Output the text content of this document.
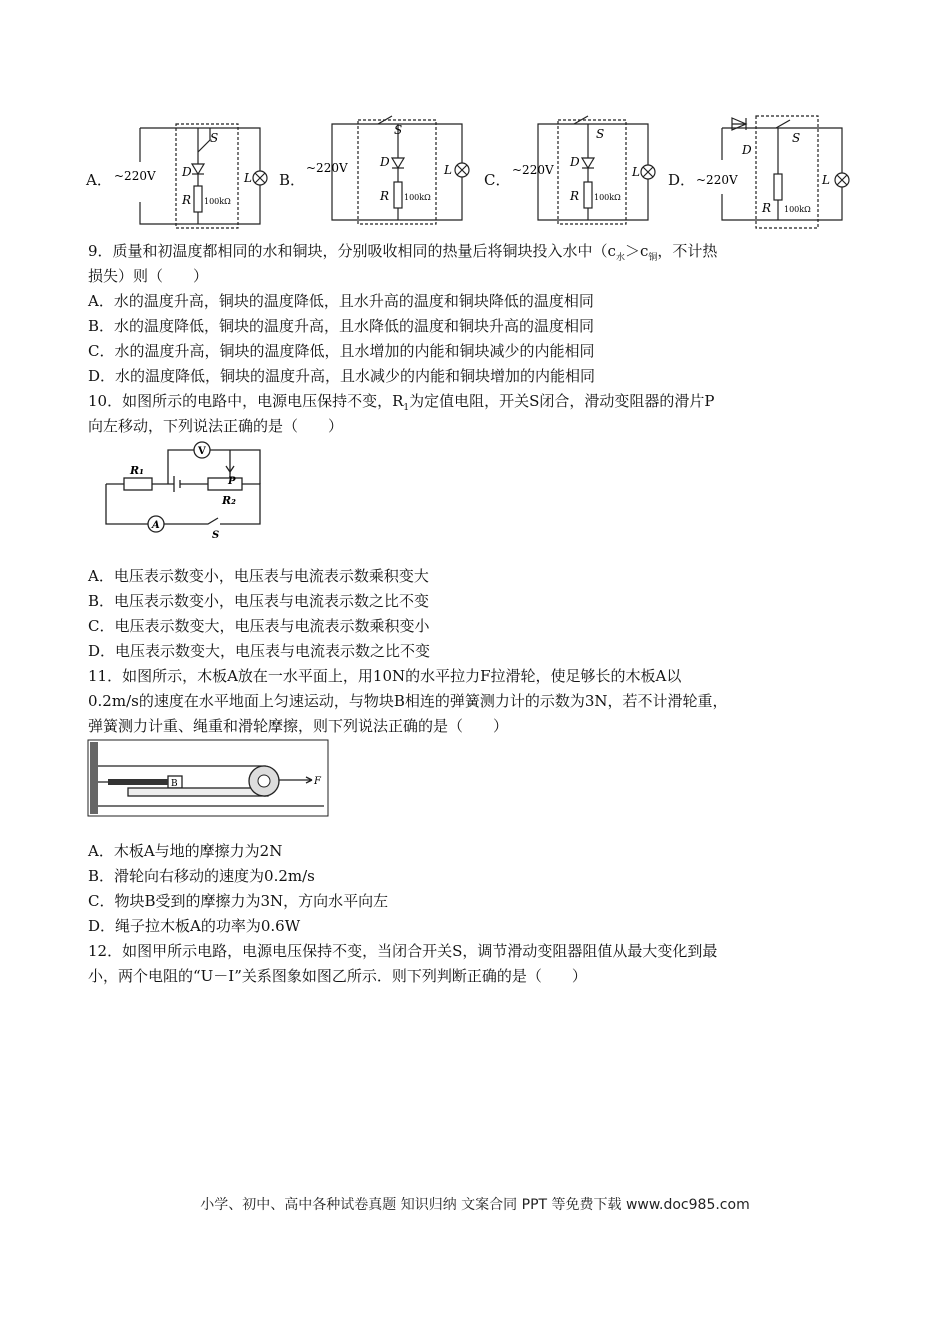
A．	B．	C．	D．
~220V D
R 100kΩ
L
S
~220V	D
R 100kΩ
L
S
~220V
D
R 100kΩ
L
S
~220V
D
R 100kΩ
L
S
9．质量和初温度都相同的水和铜块，分别吸收相同的热量后将铜块投入水中（$c_水>c_铜$，不计热
损失）则（　　）
A．水的温度升高，铜块的温度降低，且水升高的温度和铜块降低的温度相同
B．水的温度降低，铜块的温度升高，且水降低的温度和铜块升高的温度相同
C．水的温度升高，铜块的温度降低，且水增加的内能和铜块减少的内能相同
D．水的温度降低，铜块的温度升高，且水减少的内能和铜块增加的内能相同
10．如图所示的电路中，电源电压保持不变，$R_1$为定值电阻，开关S闭合，滑动变阻器的滑片P
向左移动，下列说法正确的是（　　）
R₁
R₂
V
A
P
S
A．电压表示数变小，电压表与电流表示数乘积变大
B．电压表示数变小，电压表与电流表示数之比不变
C．电压表示数变大，电压表与电流表示数乘积变小
D．电压表示数变大，电压表与电流表示数之比不变
11．如图所示，木板A放在一水平面上，用10N的水平拉力F拉滑轮，使足够长的木板A以
0.2m/s的速度在水平地面上匀速运动，与物块B相连的弹簧测力计的示数为3N，若不计滑轮重，
弹簧测力计重、绳重和滑轮摩擦，则下列说法正确的是（　　）
B	F
A．木板A与地的摩擦力为2N
B．滑轮向右移动的速度为0.2m/s
C．物块B受到的摩擦力为3N，方向水平向左
D．绳子拉木板A的功率为0.6W
12．如图甲所示电路，电源电压保持不变，当闭合开关S，调节滑动变阻器阻值从最大变化到最
小，两个电阻的“U－I”关系图象如图乙所示．则下列判断正确的是（　　）
小学、初中、高中各种试卷真题 知识归纳 文案合同 PPT 等免费下载 www.doc985.com
